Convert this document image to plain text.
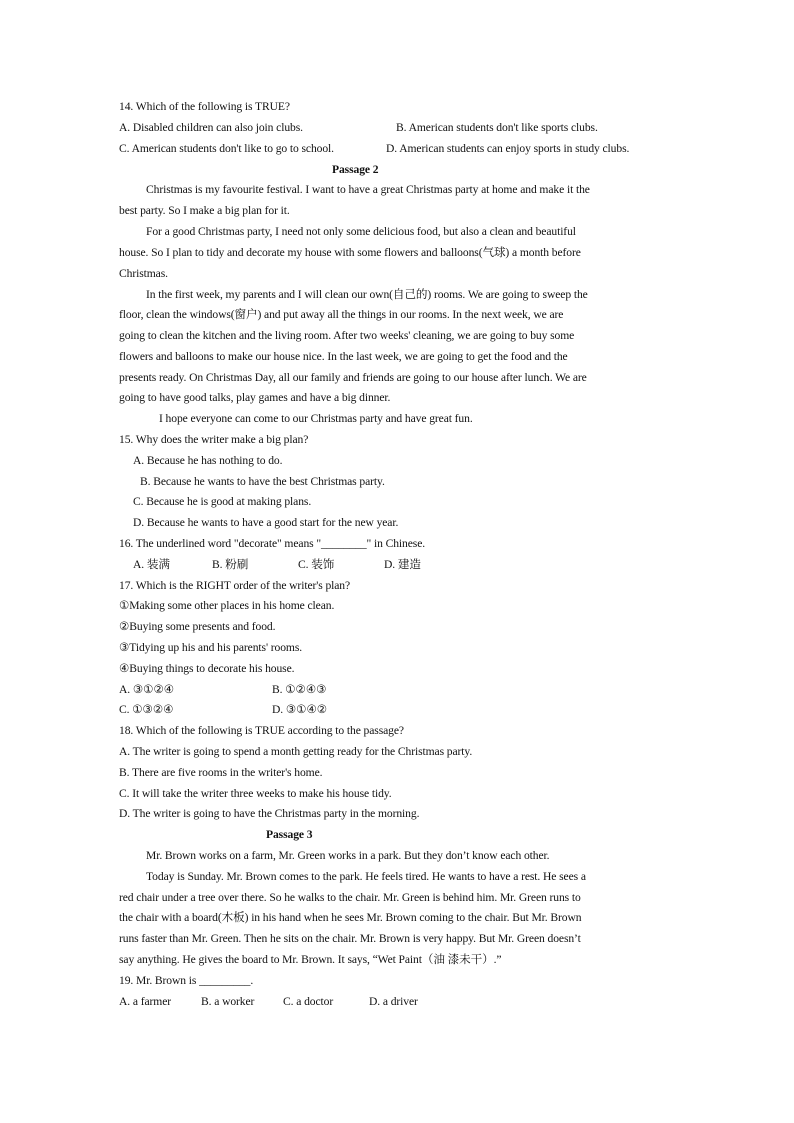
14. Which of the following is TRUE?
A. Disabled children can also join clubs.	B. American students don't like sports clubs.
C. American students don't like to go to school.	D. American students can enjoy sports in study clubs.
Passage 2
Christmas is my favourite festival. I want to have a great Christmas party at home and make it the
best party. So I make a big plan for it.
For a good Christmas party, I need not only some delicious food, but also a clean and beautiful
house. So I plan to tidy and decorate my house with some flowers and balloons(气球) a month before
Christmas.
In the first week, my parents and I will clean our own(自己的) rooms. We are going to sweep the
floor, clean the windows(窗户) and put away all the things in our rooms. In the next week, we are
going to clean the kitchen and the living room. After two weeks' cleaning, we are going to buy some
flowers and balloons to make our house nice. In the last week, we are going to get the food and the
presents ready. On Christmas Day, all our family and friends are going to our house after lunch. We are
going to have good talks, play games and have a big dinner.
I hope everyone can come to our Christmas party and have great fun.
15. Why does the writer make a big plan?
A. Because he has nothing to do.
B. Because he wants to have the best Christmas party.
C. Because he is good at making plans.
D. Because he wants to have a good start for the new year.
16. The underlined word "decorate" means "________" in Chinese.
A. 装满	B. 粉刷	C. 装饰	D. 建造
17. Which is the RIGHT order of the writer's plan?
①Making some other places in his home clean.
②Buying some presents and food.
③Tidying up his and his parents' rooms.
④Buying things to decorate his house.
A. ③①②④	B. ①②④③
C. ①③②④	D. ③①④②
18. Which of the following is TRUE according to the passage?
A. The writer is going to spend a month getting ready for the Christmas party.
B. There are five rooms in the writer's home.
C. It will take the writer three weeks to make his house tidy.
D. The writer is going to have the Christmas party in the morning.
Passage 3
Mr. Brown works on a farm, Mr. Green works in a park. But they don’t know each other.
Today is Sunday. Mr. Brown comes to the park. He feels tired. He wants to have a rest. He sees a
red chair under a tree over there. So he walks to the chair. Mr. Green is behind him. Mr. Green runs to
the chair with a board(木板) in his hand when he sees Mr. Brown coming to the chair. But Mr. Brown
runs faster than Mr. Green. Then he sits on the chair. Mr. Brown is very happy. But Mr. Green doesn’t
say anything. He gives the board to Mr. Brown. It says, “Wet Paint（油 漆未干）.”
19. Mr. Brown is _________.
A. a farmer	B. a worker C. a doctor	D. a driver
